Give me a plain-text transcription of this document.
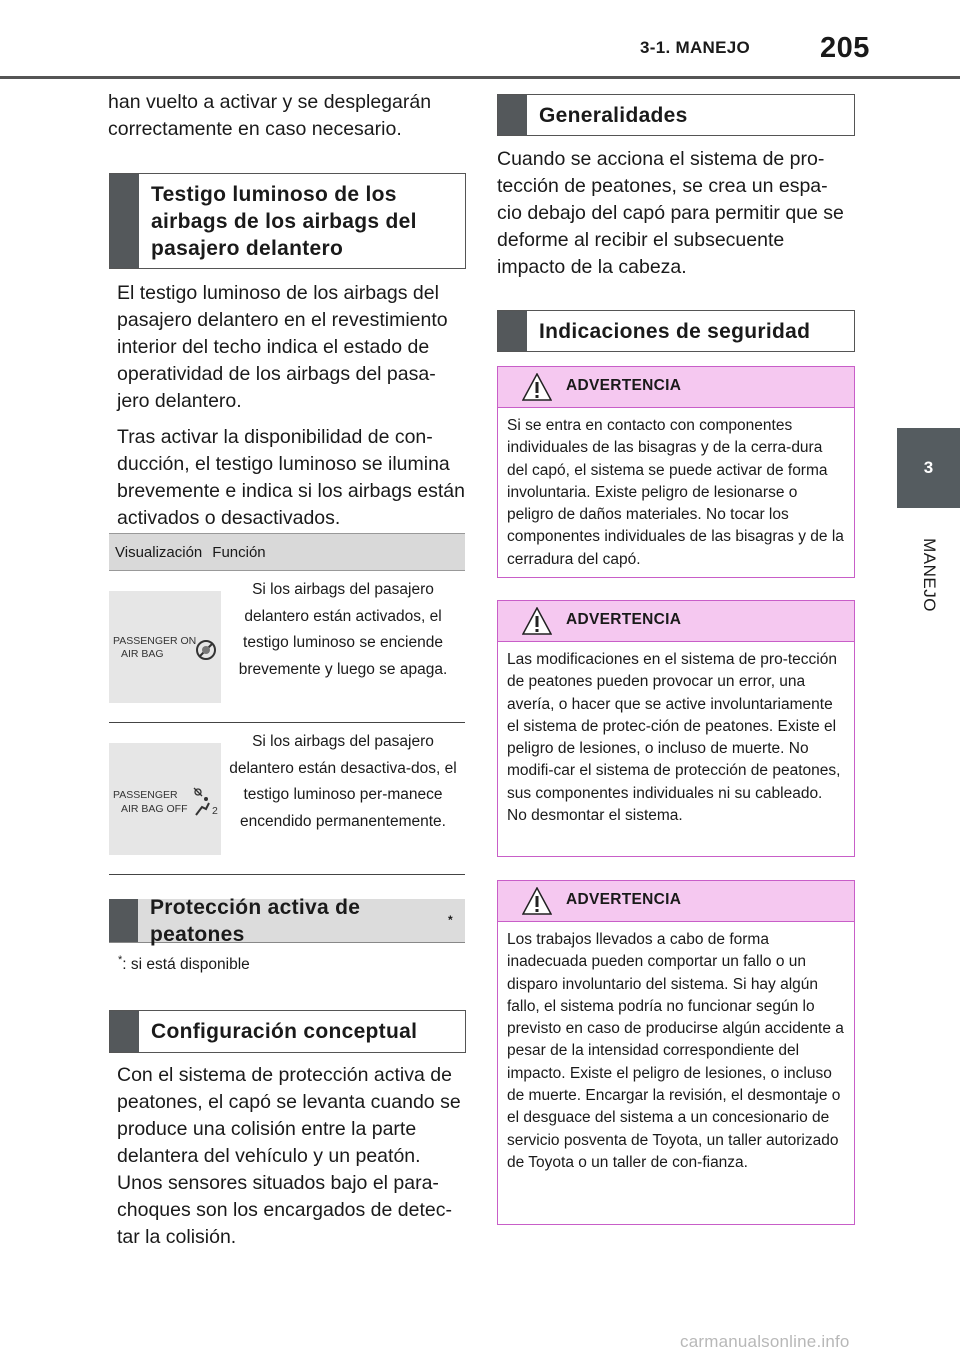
3-1. MANEJO 205
3
MANEJO

han vuelto a activar y se desplegarán correctamente en caso necesario.

Testigo luminoso de los airbags de los airbags del pasajero delantero

El testigo luminoso de los airbags del pasajero delantero en el revestimiento interior del techo indica el estado de operatividad de los airbags del pasa-jero delantero.

Tras activar la disponibilidad de con-ducción, el testigo luminoso se ilumina brevemente e indica si los airbags están activados o desactivados.

Visualización Función
PASSENGER ON
AIR BAG
Si los airbags del pasajero delantero están activados, el testigo luminoso se enciende brevemente y luego se apaga.
PASSENGER
AIR BAG OFF 2
Si los airbags del pasajero delantero están desactiva-dos, el testigo luminoso per-manece encendido permanentemente.
Protección activa de peatones
*
*: si está disponible
Configuración conceptual

Con el sistema de protección activa de peatones, el capó se levanta cuando se produce una colisión entre la parte delantera del vehículo y un peatón. Unos sensores situados bajo el para-choques son los encargados de detec-tar la colisión.

Generalidades

Cuando se acciona el sistema de pro-tección de peatones, se crea un espa-cio debajo del capó para permitir que se deforme al recibir el subsecuente impacto de la cabeza.

Indicaciones de seguridad
ADVERTENCIA
Si se entra en contacto con componentes individuales de las bisagras y de la cerra-dura del capó, el sistema se puede activar de forma involuntaria. Existe peligro de lesionarse o peligro de daños materiales. No tocar los componentes individuales de las bisagras y de la cerradura del capó.
ADVERTENCIA
Las modificaciones en el sistema de pro-tección de peatones pueden provocar un error, una avería, o hacer que se active involuntariamente el sistema de protec-ción de peatones. Existe el peligro de lesiones, o incluso de muerte. No modifi-car el sistema de protección de peatones, sus componentes individuales ni su cableado. No desmontar el sistema.
ADVERTENCIA
Los trabajos llevados a cabo de forma inadecuada pueden comportar un fallo o un disparo involuntario del sistema. Si hay algún fallo, el sistema podría no funcionar según lo previsto en caso de producirse algún accidente a pesar de la intensidad correspondiente del impacto. Existe el peligro de lesiones, o incluso de muerte. Encargar la revisión, el desmontaje o el desguace del sistema a un concesionario de servicio posventa de Toyota, un taller autorizado de Toyota o un taller de con-fianza.
carmanualsonline.info
